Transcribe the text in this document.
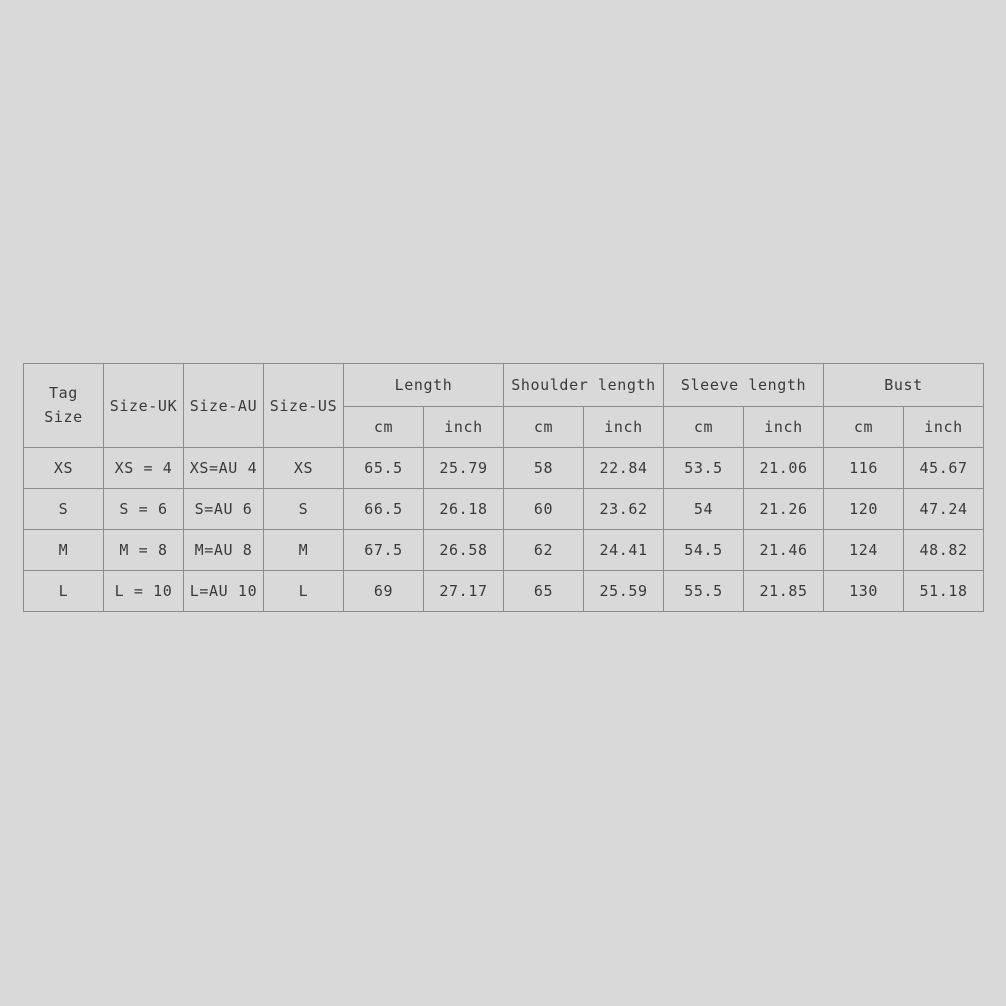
Tag
Size	Size-UK	Size-AU	Size-US	Length		Shoulder length		Sleeve length		Bust	
				cm	inch	cm	inch	cm	inch	cm	inch
XS	XS = 4	XS=AU 4	XS	65.5	25.79	58	22.84	53.5	21.06	116	45.67
S	S = 6	S=AU 6	S	66.5	26.18	60	23.62	54	21.26	120	47.24
M	M = 8	M=AU 8	M	67.5	26.58	62	24.41	54.5	21.46	124	48.82
L	L = 10	L=AU 10	L	69	27.17	65	25.59	55.5	21.85	130	51.18
